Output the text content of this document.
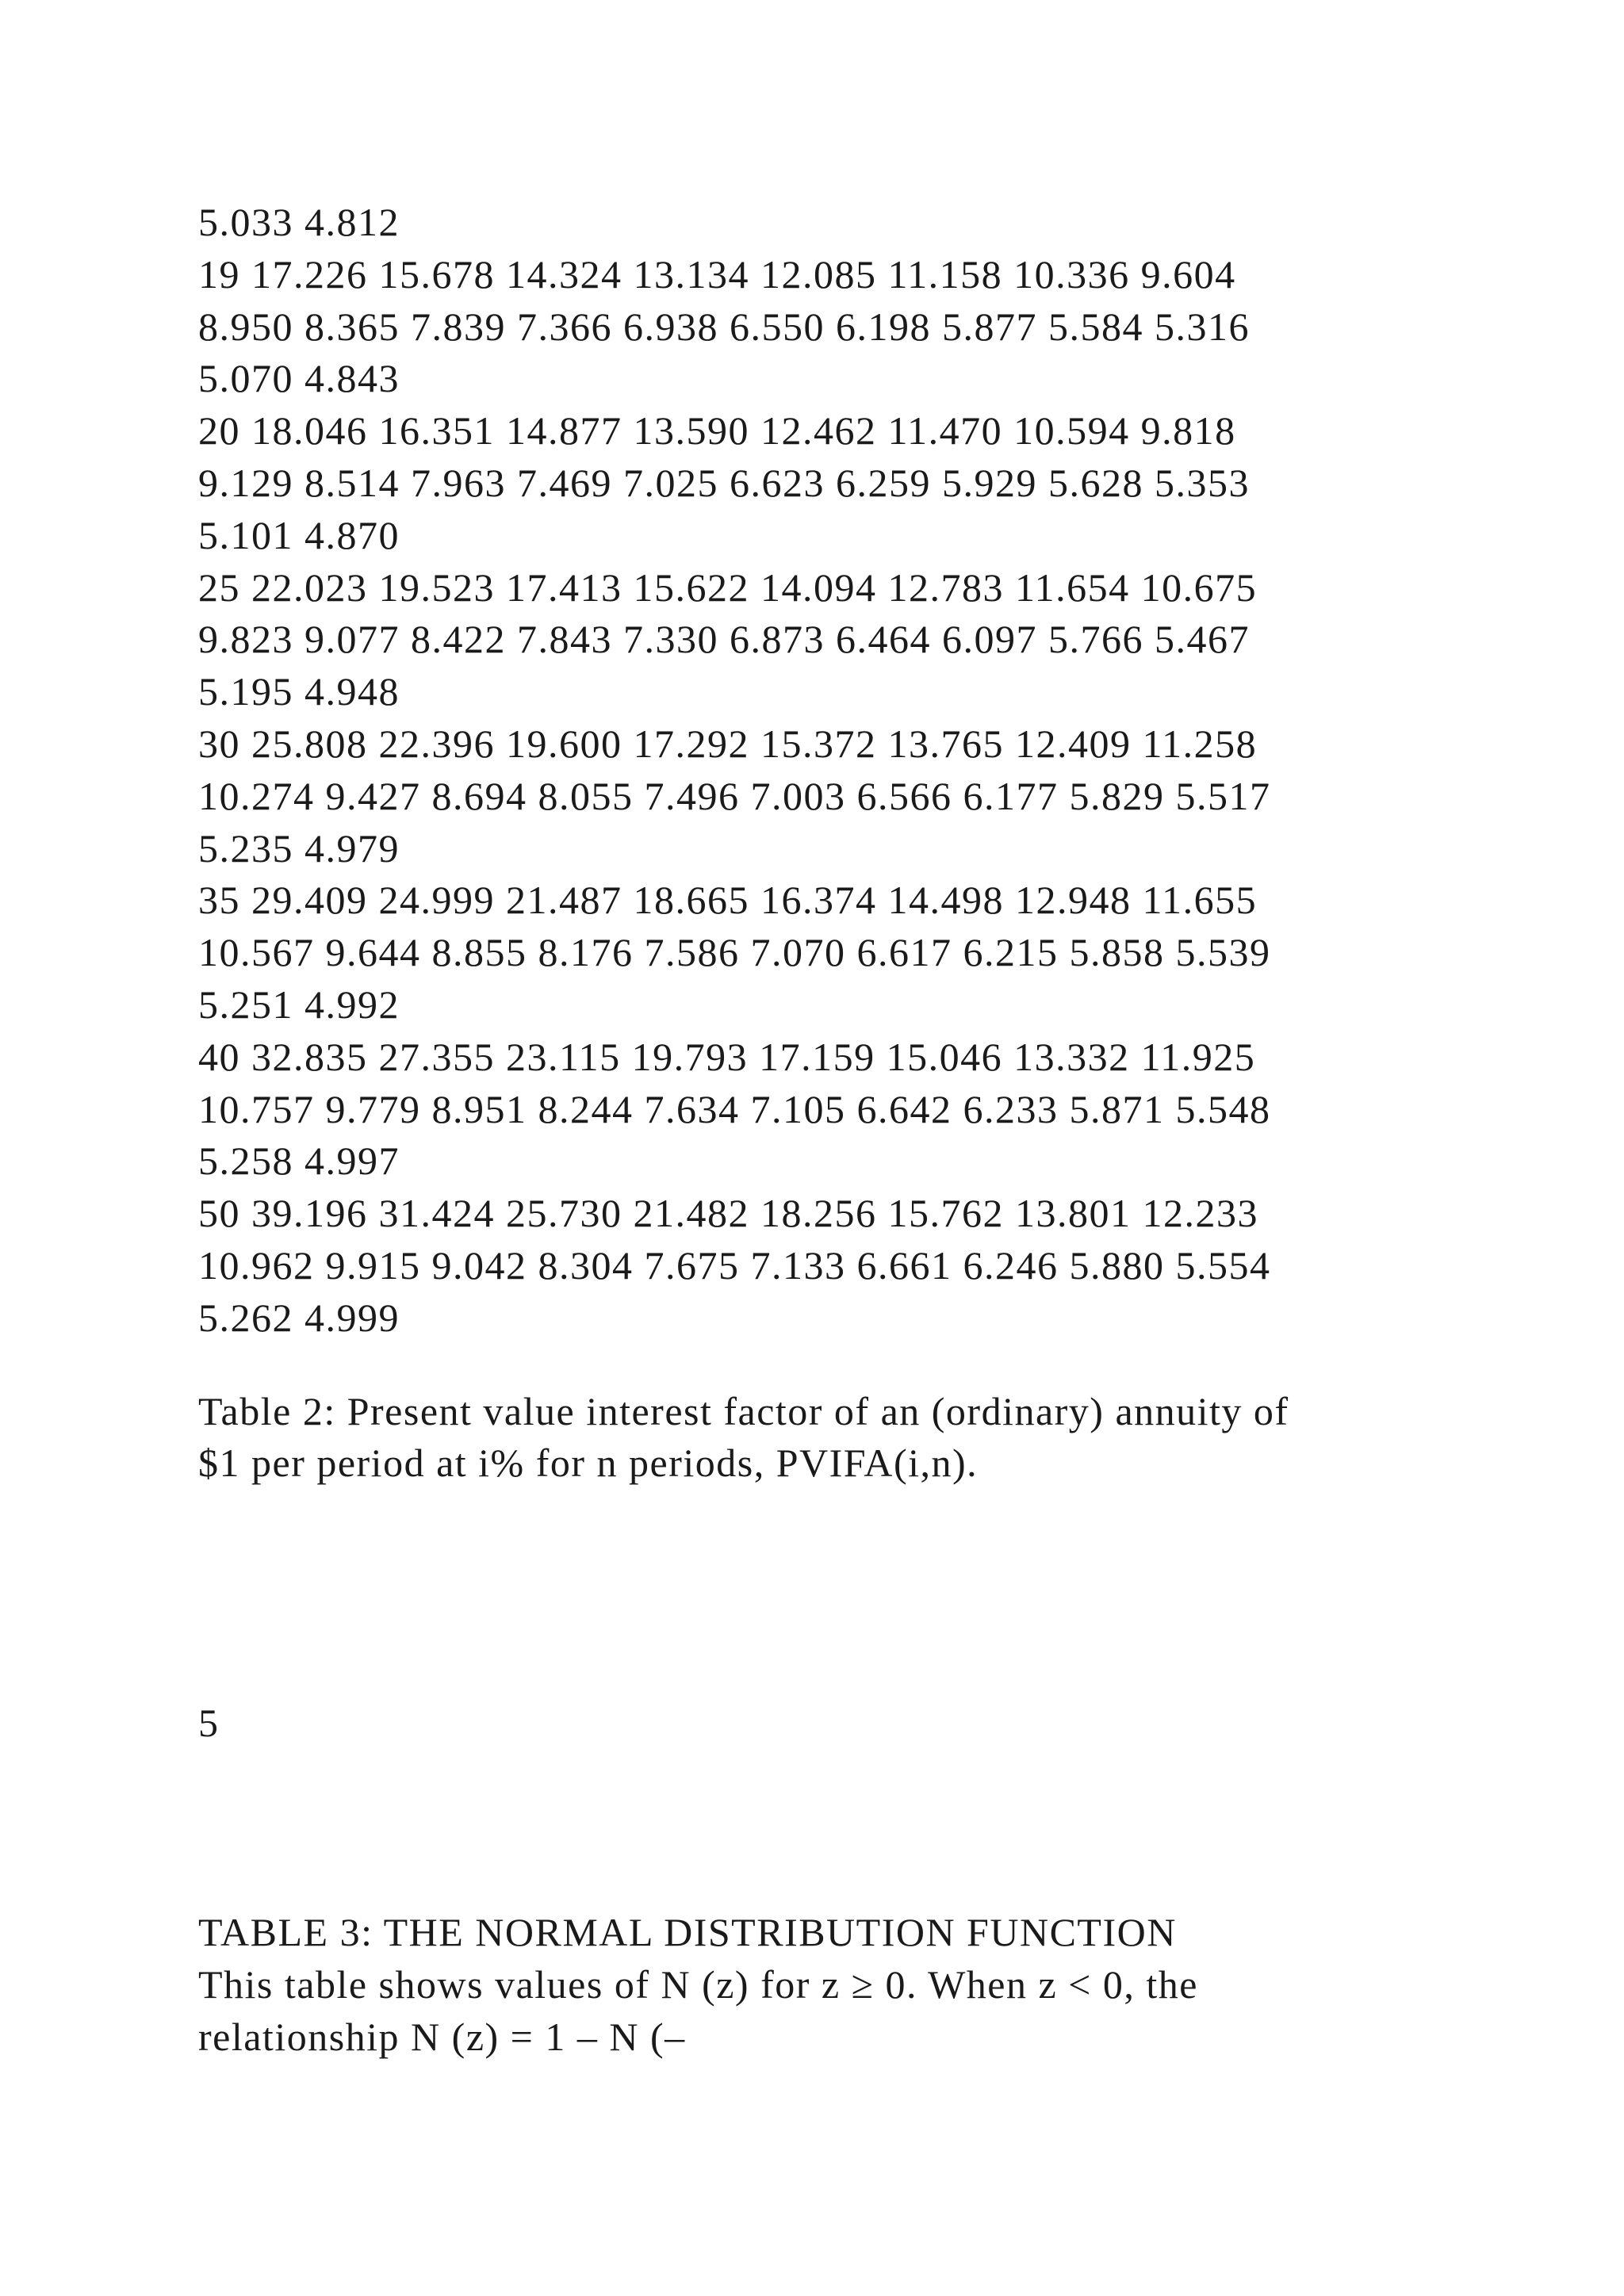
5.033 4.812
19 17.226 15.678 14.324 13.134 12.085 11.158 10.336 9.604
8.950 8.365 7.839 7.366 6.938 6.550 6.198 5.877 5.584 5.316
5.070 4.843
20 18.046 16.351 14.877 13.590 12.462 11.470 10.594 9.818
9.129 8.514 7.963 7.469 7.025 6.623 6.259 5.929 5.628 5.353
5.101 4.870
25 22.023 19.523 17.413 15.622 14.094 12.783 11.654 10.675
9.823 9.077 8.422 7.843 7.330 6.873 6.464 6.097 5.766 5.467
5.195 4.948
30 25.808 22.396 19.600 17.292 15.372 13.765 12.409 11.258
10.274 9.427 8.694 8.055 7.496 7.003 6.566 6.177 5.829 5.517
5.235 4.979
35 29.409 24.999 21.487 18.665 16.374 14.498 12.948 11.655
10.567 9.644 8.855 8.176 7.586 7.070 6.617 6.215 5.858 5.539
5.251 4.992
40 32.835 27.355 23.115 19.793 17.159 15.046 13.332 11.925
10.757 9.779 8.951 8.244 7.634 7.105 6.642 6.233 5.871 5.548
5.258 4.997
50 39.196 31.424 25.730 21.482 18.256 15.762 13.801 12.233
10.962 9.915 9.042 8.304 7.675 7.133 6.661 6.246 5.880 5.554
5.262 4.999
Table 2: Present value interest factor of an (ordinary) annuity of
$1 per period at i% for n periods, PVIFA(i,n).
5
TABLE 3: THE NORMAL DISTRIBUTION FUNCTION
This table shows values of N (z) for z ≥ 0. When z < 0, the
relationship N (z) = 1 – N (–
